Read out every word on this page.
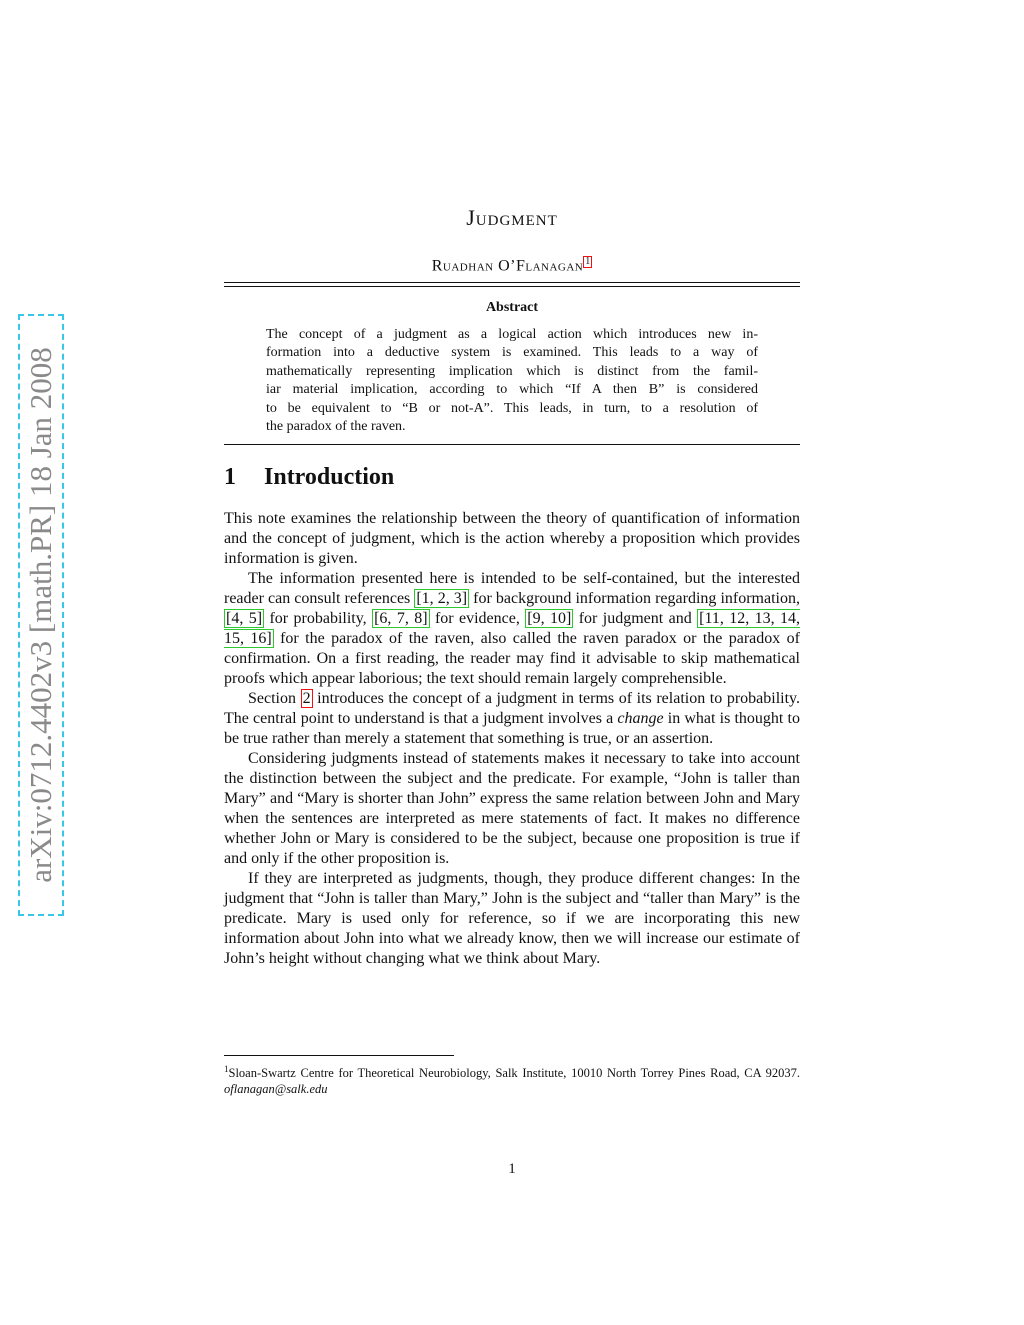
arXiv:0712.4402v3 [math.PR] 18 Jan 2008
Judgment
Ruadhan O’Flanagan 1
Abstract
The concept of a judgment as a logical action which introduces new in-
formation into a deductive system is examined. This leads to a way of
mathematically representing implication which is distinct from the famil-
iar material implication, according to which “If A then B” is considered
to be equivalent to “B or not-A”. This leads, in turn, to a resolution of
the paradox of the raven.
1 Introduction

This note examines the relationship between the theory of quantification of information and the concept of judgment, which is the action whereby a proposition which provides information is given.

The information presented here is intended to be self-contained, but the interested reader can consult references [1, 2, 3] for background information regarding information, [4, 5] for probability, [6, 7, 8] for evidence, [9, 10] for judgment and [11, 12, 13, 14, 15, 16] for the paradox of the raven, also called the raven paradox or the paradox of confirmation. On a first reading, the reader may find it advisable to skip mathematical proofs which appear laborious; the text should remain largely comprehensible.

Section 2 introduces the concept of a judgment in terms of its relation to probability. The central point to understand is that a judgment involves a change in what is thought to be true rather than merely a statement that something is true, or an assertion.

Considering judgments instead of statements makes it necessary to take into account the distinction between the subject and the predicate. For example, “John is taller than Mary” and “Mary is shorter than John” express the same relation between John and Mary when the sentences are interpreted as mere statements of fact. It makes no difference whether John or Mary is considered to be the subject, because one proposition is true if and only if the other proposition is.

If they are interpreted as judgments, though, they produce different changes: In the judgment that “John is taller than Mary,” John is the subject and “taller than Mary” is the predicate. Mary is used only for reference, so if we are incorporating this new information about John into what we already know, then we will increase our estimate of John’s height without changing what we think about Mary.

$^1$Sloan-Swartz Centre for Theoretical Neurobiology, Salk Institute, 10010 North Torrey Pines Road, CA 92037. oflanagan@salk.edu

1
